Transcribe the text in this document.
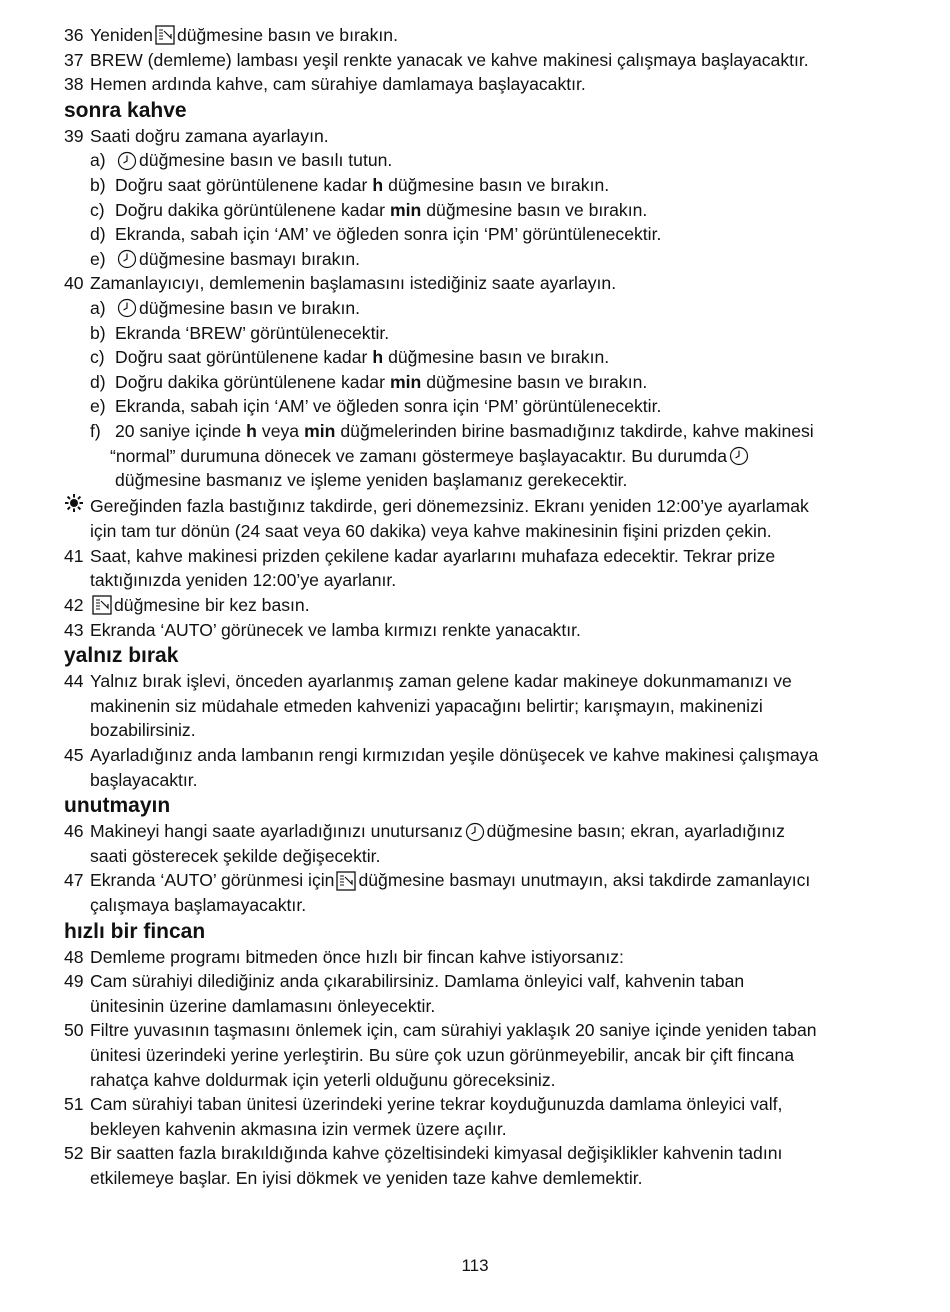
36 Yeniden düğmesine basın ve bırakın.
37 BREW (demleme) lambası yeşil renkte yanacak ve kahve makinesi çalışmaya başlayacaktır.
38 Hemen ardında kahve, cam sürahiye damlamaya başlayacaktır.
sonra kahve
39 Saati doğru zamana ayarlayın.
a)	düğmesine basın ve basılı tutun.
b) Doğru saat görüntülenene kadar h düğmesine basın ve bırakın.
c) Doğru dakika görüntülenene kadar min düğmesine basın ve bırakın.
d) Ekranda, sabah için ‘AM’ ve öğleden sonra için ‘PM’ görüntülenecektir.
e)	düğmesine basmayı bırakın.
40 Zamanlayıcıyı, demlemenin başlamasını istediğiniz saate ayarlayın.
a)	düğmesine basın ve bırakın.
b) Ekranda ‘BREW’ görüntülenecektir.
c) Doğru saat görüntülenene kadar h düğmesine basın ve bırakın.
d) Doğru dakika görüntülenene kadar min düğmesine basın ve bırakın.
e) Ekranda, sabah için ‘AM’ ve öğleden sonra için ‘PM’ görüntülenecektir.
f) 20 saniye içinde h veya min düğmelerinden birine basmadığınız takdirde, kahve makinesi
“normal” durumuna dönecek ve zamanı göstermeye başlayacaktır. Bu durumda
düğmesine basmanız ve işleme yeniden başlamanız gerekecektir.
Gereğinden fazla bastığınız takdirde, geri dönemezsiniz. Ekranı yeniden 12:00’ye ayarlamak
için tam tur dönün (24 saat veya 60 dakika) veya kahve makinesinin fişini prizden çekin.
41 Saat, kahve makinesi prizden çekilene kadar ayarlarını muhafaza edecektir. Tekrar prize
taktığınızda yeniden 12:00’ye ayarlanır.
42	düğmesine bir kez basın.
43 Ekranda ‘AUTO’ görünecek ve lamba kırmızı renkte yanacaktır.
yalnız bırak
44 Yalnız bırak işlevi, önceden ayarlanmış zaman gelene kadar makineye dokunmamanızı ve
makinenin siz müdahale etmeden kahvenizi yapacağını belirtir; karışmayın, makinenizi
bozabilirsiniz.
45 Ayarladığınız anda lambanın rengi kırmızıdan yeşile dönüşecek ve kahve makinesi çalışmaya
başlayacaktır.
unutmayın
46 Makineyi hangi saate ayarladığınızı unutursanız düğmesine basın; ekran, ayarladığınız
saati gösterecek şekilde değişecektir.
47 Ekranda ‘AUTO’ görünmesi için düğmesine basmayı unutmayın, aksi takdirde zamanlayıcı
çalışmaya başlamayacaktır.
hızlı bir fincan
48 Demleme programı bitmeden önce hızlı bir fincan kahve istiyorsanız:
49 Cam sürahiyi dilediğiniz anda çıkarabilirsiniz. Damlama önleyici valf, kahvenin taban
ünitesinin üzerine damlamasını önleyecektir.
50 Filtre yuvasının taşmasını önlemek için, cam sürahiyi yaklaşık 20 saniye içinde yeniden taban
ünitesi üzerindeki yerine yerleştirin. Bu süre çok uzun görünmeyebilir, ancak bir çift fincana
rahatça kahve doldurmak için yeterli olduğunu göreceksiniz.
51 Cam sürahiyi taban ünitesi üzerindeki yerine tekrar koyduğunuzda damlama önleyici valf,
bekleyen kahvenin akmasına izin vermek üzere açılır.
52 Bir saatten fazla bırakıldığında kahve çözeltisindeki kimyasal değişiklikler kahvenin tadını
etkilemeye başlar. En iyisi dökmek ve yeniden taze kahve demlemektir.
113
